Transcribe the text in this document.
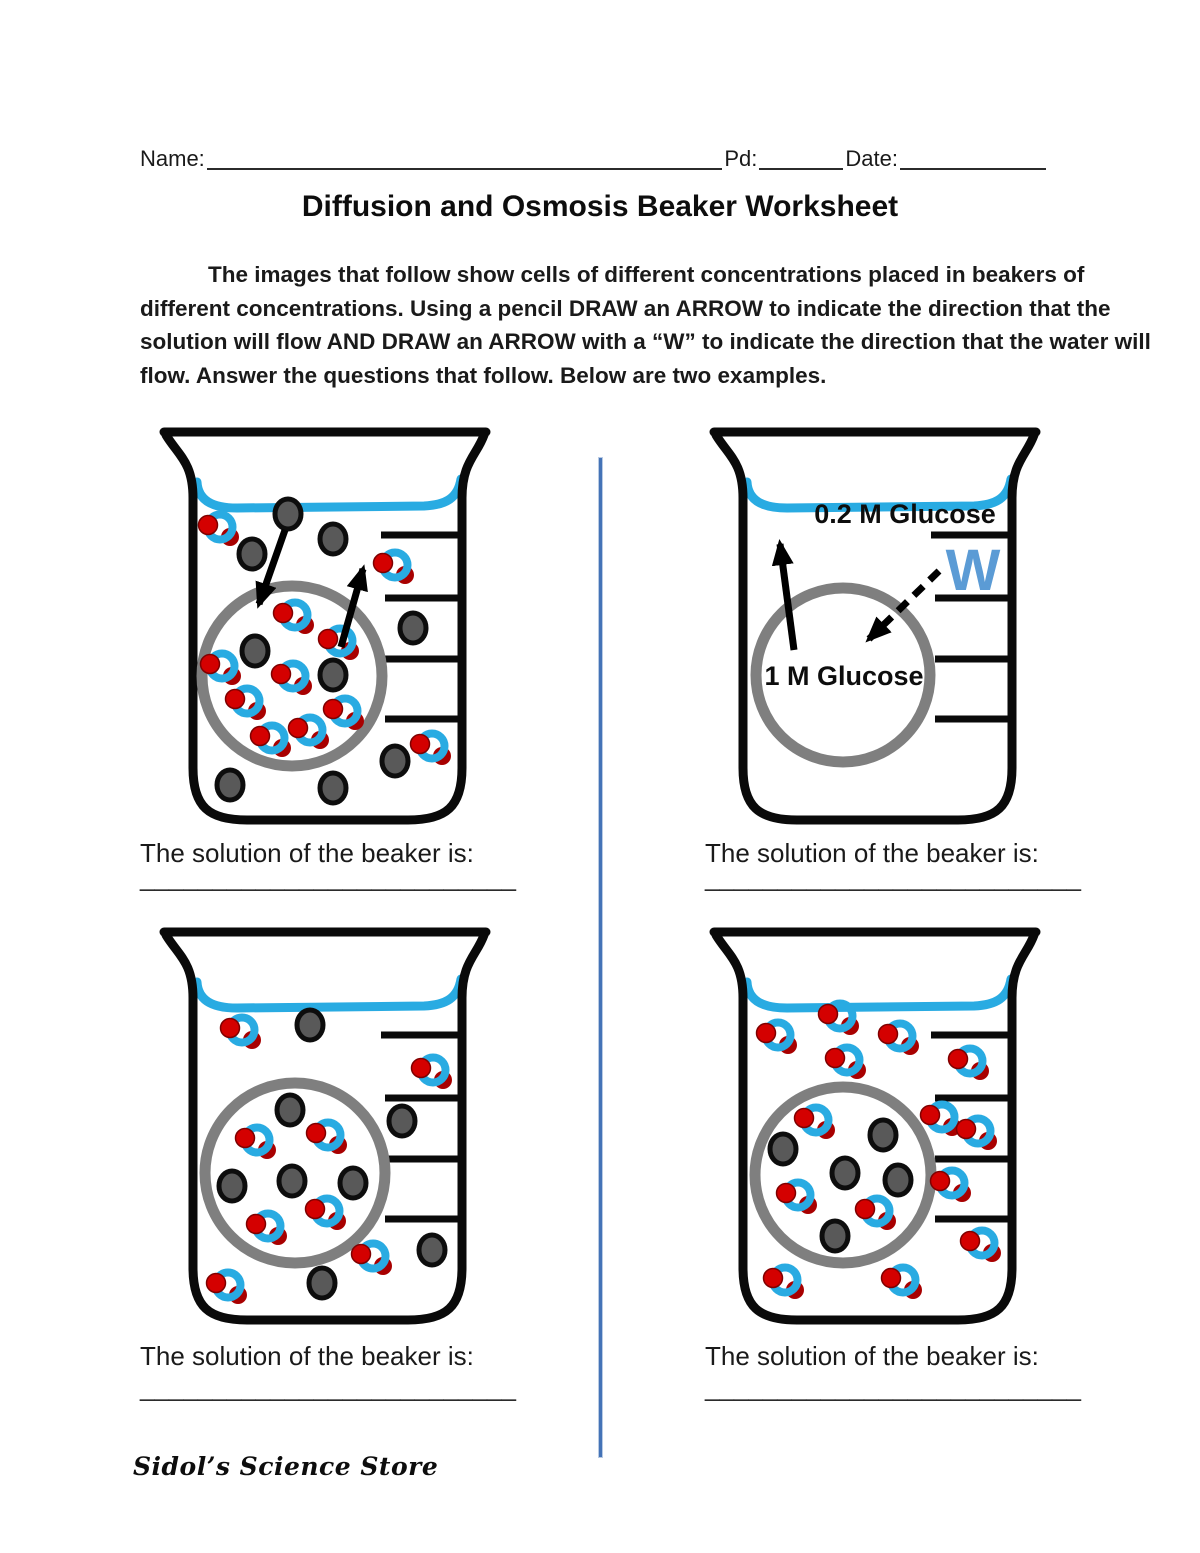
Name:	Pd:	Date:
Diffusion and Osmosis Beaker Worksheet
The images that follow show cells of different concentrations placed in beakers of
different concentrations. Using a pencil DRAW an ARROW to indicate the direction that the
solution will flow AND DRAW an ARROW with a “W” to indicate the direction that the water will
flow. Answer the questions that follow. Below are two examples.
0.2 M Glucose
W
1 M Glucose
The solution of the beaker is:	The solution of the beaker is:
The solution of the beaker is:	The solution of the beaker is:
__________________________	__________________________
__________________________	__________________________
Sidol’s Science Store
